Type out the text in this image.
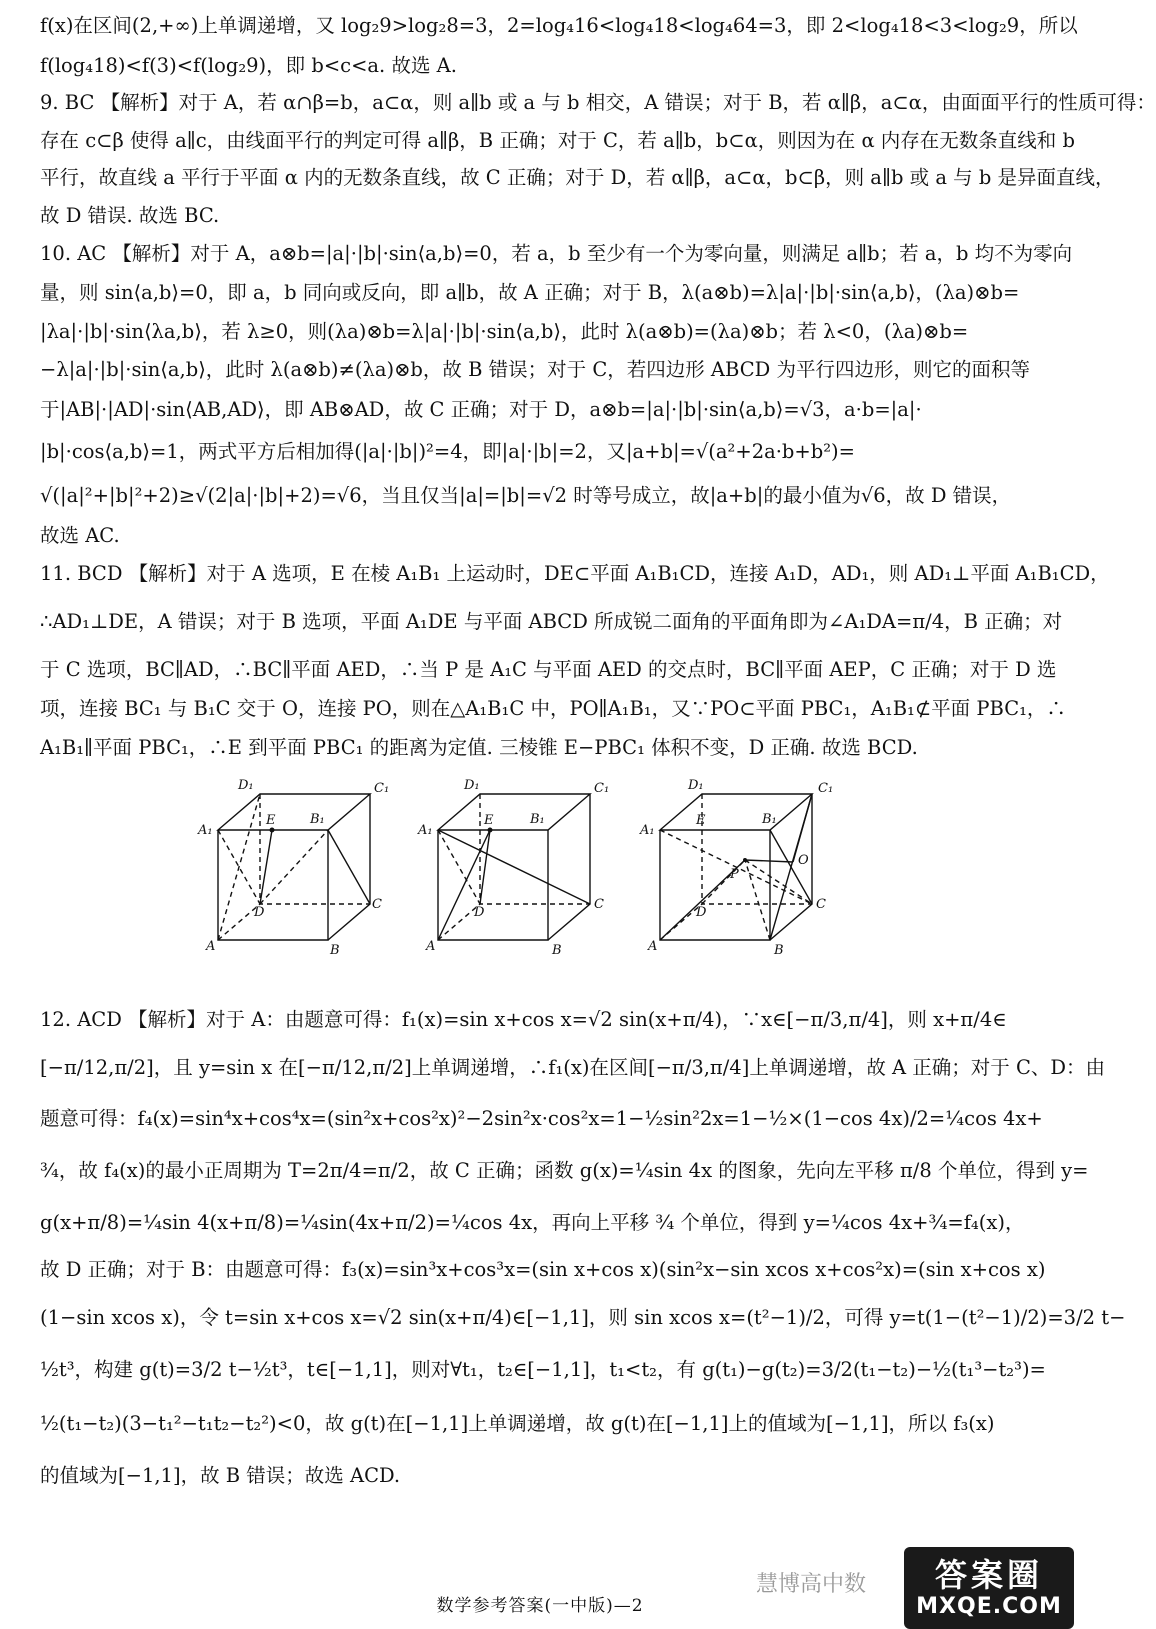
f(x)在区间(2,+∞)上单调递增，又 log₂9>log₂8=3，2=log₄16<log₄18<log₄64=3，即 2<log₄18<3<log₂9，所以
f(log₄18)<f(3)<f(log₂9)，即 b<c<a. 故选 A.
9. BC 【解析】对于 A，若 α∩β=b，a⊂α，则 a∥b 或 a 与 b 相交，A 错误；对于 B，若 α∥β，a⊂α，由面面平行的性质可得：
存在 c⊂β 使得 a∥c，由线面平行的判定可得 a∥β，B 正确；对于 C，若 a∥b，b⊂α，则因为在 α 内存在无数条直线和 b
平行，故直线 a 平行于平面 α 内的无数条直线，故 C 正确；对于 D，若 α∥β，a⊂α，b⊂β，则 a∥b 或 a 与 b 是异面直线，
故 D 错误. 故选 BC.
10. AC 【解析】对于 A，a⊗b=|a|·|b|·sin⟨a,b⟩=0，若 a，b 至少有一个为零向量，则满足 a∥b；若 a，b 均不为零向
量，则 sin⟨a,b⟩=0，即 a，b 同向或反向，即 a∥b，故 A 正确；对于 B，λ(a⊗b)=λ|a|·|b|·sin⟨a,b⟩，(λa)⊗b=
|λa|·|b|·sin⟨λa,b⟩，若 λ≥0，则(λa)⊗b=λ|a|·|b|·sin⟨a,b⟩，此时 λ(a⊗b)=(λa)⊗b；若 λ<0，(λa)⊗b=
−λ|a|·|b|·sin⟨a,b⟩，此时 λ(a⊗b)≠(λa)⊗b，故 B 错误；对于 C，若四边形 ABCD 为平行四边形，则它的面积等
于|AB|·|AD|·sin⟨AB,AD⟩，即 AB⊗AD，故 C 正确；对于 D，a⊗b=|a|·|b|·sin⟨a,b⟩=√3，a·b=|a|·
|b|·cos⟨a,b⟩=1，两式平方后相加得(|a|·|b|)²=4，即|a|·|b|=2，又|a+b|=√(a²+2a·b+b²)=
√(|a|²+|b|²+2)≥√(2|a|·|b|+2)=√6，当且仅当|a|=|b|=√2 时等号成立，故|a+b|的最小值为√6，故 D 错误，
故选 AC.
11. BCD 【解析】对于 A 选项，E 在棱 A₁B₁ 上运动时，DE⊂平面 A₁B₁CD，连接 A₁D，AD₁，则 AD₁⊥平面 A₁B₁CD，
∴AD₁⊥DE，A 错误；对于 B 选项，平面 A₁DE 与平面 ABCD 所成锐二面角的平面角即为∠A₁DA=π/4，B 正确；对
于 C 选项，BC∥AD，∴BC∥平面 AED，∴当 P 是 A₁C 与平面 AED 的交点时，BC∥平面 AEP，C 正确；对于 D 选
项，连接 BC₁ 与 B₁C 交于 O，连接 PO，则在△A₁B₁C 中，PO∥A₁B₁，又∵PO⊂平面 PBC₁，A₁B₁⊄平面 PBC₁，∴
A₁B₁∥平面 PBC₁，∴E 到平面 PBC₁ 的距离为定值. 三棱锥 E−PBC₁ 体积不变，D 正确. 故选 BCD.
D₁	C₁
A₁
E	B₁
D
C
A	B
D₁	C₁
A₁
E	B₁
D
C
A	B
D₁	C₁
A₁
E	B₁
O
P
D
C
A	B
12. ACD 【解析】对于 A：由题意可得：f₁(x)=sin x+cos x=√2 sin(x+π/4)，∵x∈[−π/3,π/4]，则 x+π/4∈
[−π/12,π/2]，且 y=sin x 在[−π/12,π/2]上单调递增，∴f₁(x)在区间[−π/3,π/4]上单调递增，故 A 正确；对于 C、D：由
题意可得：f₄(x)=sin⁴x+cos⁴x=(sin²x+cos²x)²−2sin²x·cos²x=1−½sin²2x=1−½×(1−cos 4x)/2=¼cos 4x+
¾，故 f₄(x)的最小正周期为 T=2π/4=π/2，故 C 正确；函数 g(x)=¼sin 4x 的图象，先向左平移 π/8 个单位，得到 y=
g(x+π/8)=¼sin 4(x+π/8)=¼sin(4x+π/2)=¼cos 4x，再向上平移 ¾ 个单位，得到 y=¼cos 4x+¾=f₄(x)，
故 D 正确；对于 B：由题意可得：f₃(x)=sin³x+cos³x=(sin x+cos x)(sin²x−sin xcos x+cos²x)=(sin x+cos x)
(1−sin xcos x)，令 t=sin x+cos x=√2 sin(x+π/4)∈[−1,1]，则 sin xcos x=(t²−1)/2，可得 y=t(1−(t²−1)/2)=3/2 t−
½t³，构建 g(t)=3/2 t−½t³，t∈[−1,1]，则对∀t₁，t₂∈[−1,1]，t₁<t₂，有 g(t₁)−g(t₂)=3/2(t₁−t₂)−½(t₁³−t₂³)=
½(t₁−t₂)(3−t₁²−t₁t₂−t₂²)<0，故 g(t)在[−1,1]上单调递增，故 g(t)在[−1,1]上的值域为[−1,1]，所以 f₃(x)
的值域为[−1,1]，故 B 错误；故选 ACD.
数学参考答案(一中版)—2
慧博高中数 答案圈
MXQE.COM
